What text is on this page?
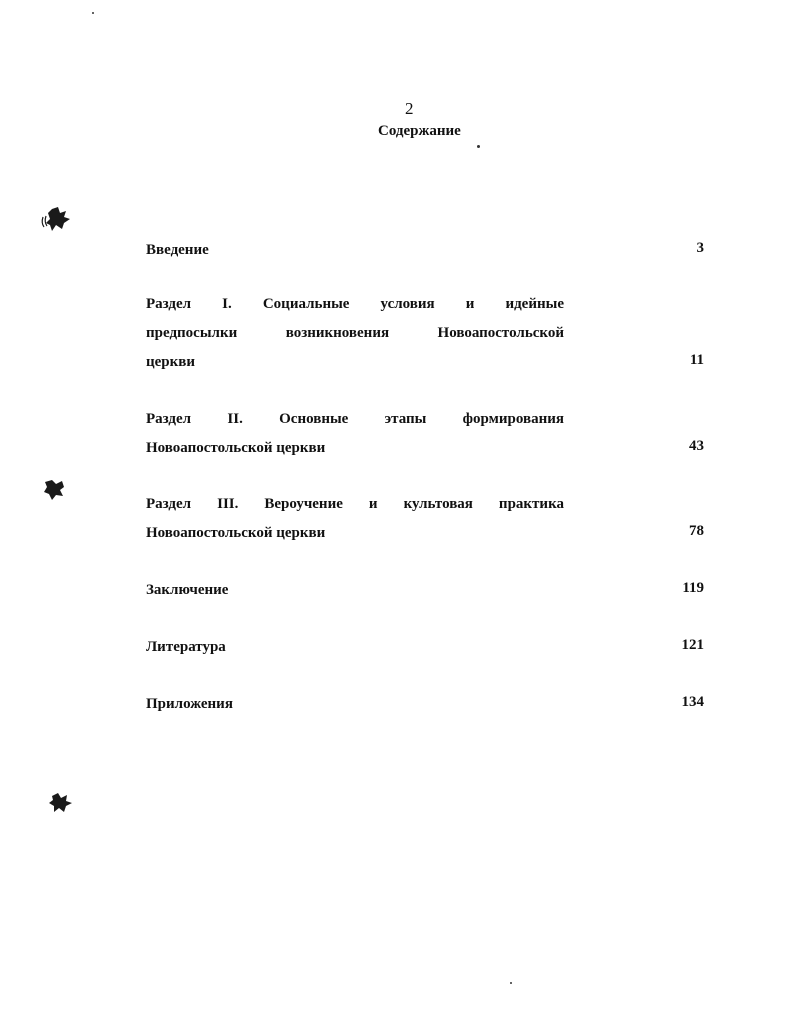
2
Содержание
Введение	3
Раздел I. Социальные условия и идейные
предпосылки возникновения Новоапостольской
церкви	11
Раздел II. Основные этапы формирования
Новоапостольской церкви	43
Раздел III. Вероучение и культовая практика
Новоапостольской церкви	78
Заключение	119
Литература	121
Приложения	134
